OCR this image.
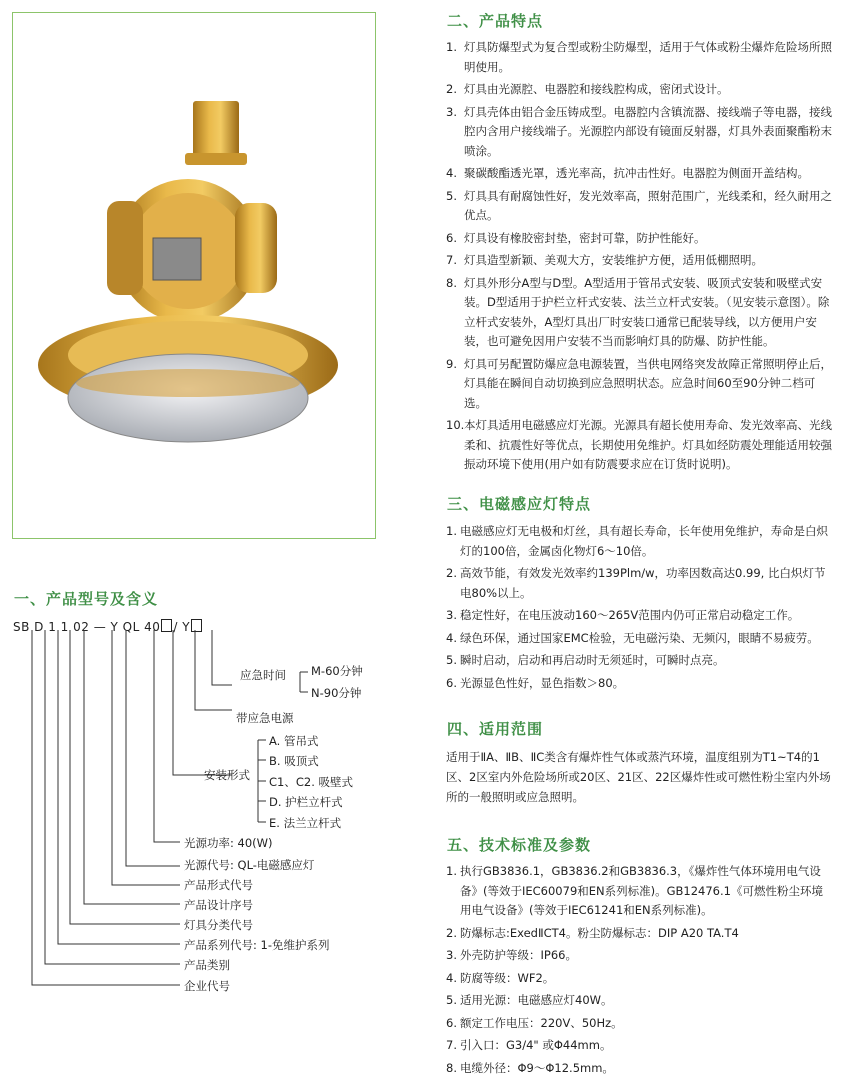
一、产品型号及含义
SB D 1 1 02 — Y QL 40 / Y
应急时间 M-60分钟
N-90分钟
带应急电源
安装形式
A. 管吊式
B. 吸顶式
C1、C2. 吸壁式
D. 护栏立杆式
E. 法兰立杆式
光源功率: 40(W)
光源代号: QL-电磁感应灯
产品形式代号
产品设计序号
灯具分类代号
产品系列代号: 1-免维护系列
产品类别
企业代号
二、产品特点
1. 灯具防爆型式为复合型或粉尘防爆型，适用于气体或粉尘爆炸危险场所照明使用。
2. 灯具由光源腔、电器腔和接线腔构成，密闭式设计。
3. 灯具壳体由铝合金压铸成型。电器腔内含镇流器、接线端子等电器，接线腔内含用户接线端子。光源腔内部设有镜面反射器，灯具外表面聚酯粉末喷涂。
4. 聚碳酸酯透光罩，透光率高，抗冲击性好。电器腔为侧面开盖结构。
5. 灯具具有耐腐蚀性好，发光效率高，照射范围广，光线柔和，经久耐用之优点。
6. 灯具设有橡胶密封垫，密封可靠，防护性能好。
7. 灯具造型新颖、美观大方，安装维护方便，适用低棚照明。
8. 灯具外形分A型与D型。A型适用于管吊式安装、吸顶式安装和吸壁式安装。D型适用于护栏立杆式安装、法兰立杆式安装。（见安装示意图）。除立杆式安装外，A型灯具出厂时安装口通常已配装导线，以方便用户安装，也可避免因用户安装不当而影响灯具的防爆、防护性能。
9. 灯具可另配置防爆应急电源装置，当供电网络突发故障正常照明停止后，灯具能在瞬间自动切换到应急照明状态。应急时间60至90分钟二档可选。
10. 本灯具适用电磁感应灯光源。光源具有超长使用寿命、发光效率高、光线柔和、抗震性好等优点，长期使用免维护。灯具如经防震处理能适用较强振动环境下使用(用户如有防震要求应在订货时说明)。
三、电磁感应灯特点
1. 电磁感应灯无电极和灯丝，具有超长寿命，长年使用免维护，寿命是白炽灯的100倍，金属卤化物灯6～10倍。
2. 高效节能，有效发光效率约139Plm/w，功率因数高达0.99, 比白炽灯节电80%以上。
3. 稳定性好，在电压波动160～265V范围内仍可正常启动稳定工作。
4. 绿色环保，通过国家EMC检验，无电磁污染、无频闪，眼睛不易疲劳。
5. 瞬时启动，启动和再启动时无须延时，可瞬时点亮。
6. 光源显色性好，显色指数＞80。
四、适用范围
适用于ⅡA、ⅡB、ⅡC类含有爆炸性气体或蒸汽环境，温度组别为T1~T4的1区、2区室内外危险场所或20区、21区、22区爆炸性或可燃性粉尘室内外场所的一般照明或应急照明。
五、技术标准及参数
1. 执行GB3836.1，GB3836.2和GB3836.3，《爆炸性气体环境用电气设备》(等效于IEC60079和EN系列标准)。GB12476.1《可燃性粉尘环境用电气设备》(等效于IEC61241和EN系列标准)。
2. 防爆标志:ExedⅡCT4。粉尘防爆标志：DIP A20 TA.T4
3. 外壳防护等级：IP66。
4. 防腐等级：WF2。
5. 适用光源：电磁感应灯40W。
6. 额定工作电压：220V、50Hz。
7. 引入口：G3/4" 或Φ44mm。
8. 电缆外径：Φ9～Φ12.5mm。
